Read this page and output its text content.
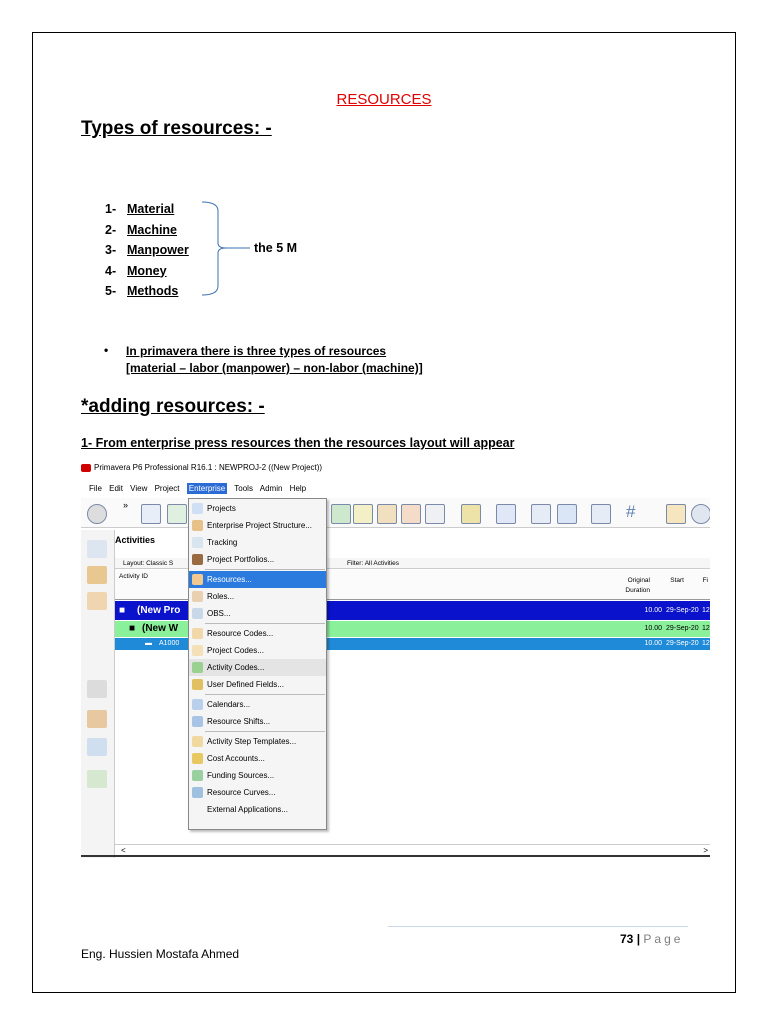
RESOURCES
Types of resources: -
1- Material
2- Machine
3- Manpower
4- Money
5- Methods
the 5 M
• In primavera there is three types of resources
[material – labor (manpower) – non-labor (machine)]
*adding resources: -
1- From enterprise press resources then the resources layout will appear
Primavera P6 Professional R16.1 : NEWPROJ-2 ((New Project))
File Edit View Project Enterprise Tools Admin Help
»	#
Activities
Layout: Classic S	Filter: All Activities
Activity ID
Original
Duration
Start	Fi
■ (New Pro	10.00 29-Sep-20 12
■ (New W	10.00 29-Sep-20 12
▬ A1000	10.00 29-Sep-20 12
<	>
Projects
Enterprise Project Structure...
Tracking
Project Portfolios...
Resources...
Roles...
OBS...
Resource Codes...
Project Codes...
Activity Codes...
User Defined Fields...
Calendars...
Resource Shifts...
Activity Step Templates...
Cost Accounts...
Funding Sources...
Resource Curves...
External Applications...
73 | Page
Eng. Hussien Mostafa Ahmed
